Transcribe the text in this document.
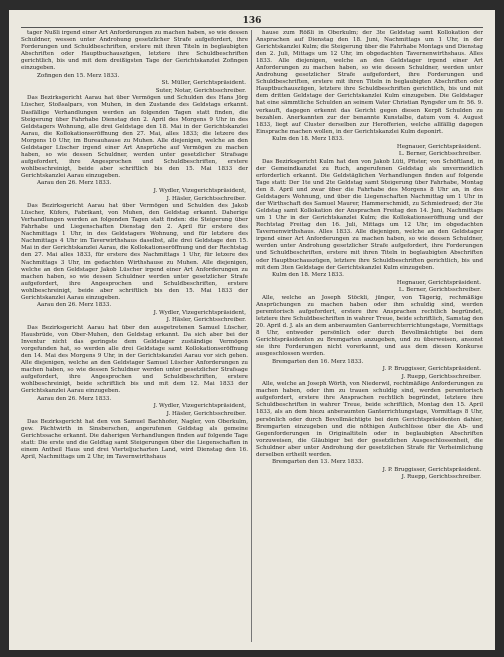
136
tager Nußli irgend einer Art Anforderungen zu machen haben, so wie dessen Schuldner, wessen unter Androhung gesetzlicher Strafe aufgefordert, ihre Forderungen und Schuldbeschriften, erstere mit ihren Titeln in beglaubigten Abschriften oder Hauptbuchauszügen, letztere ihre Schuldbeschriften gerichtlich, bis und mit dem dreißigsten Tage der Gerichtskanzlei Zofingen einzugeben.
Zofingen den 15. Merz 1833.
St. Müller, Gerichtspräsident.
Suter, Notar, Gerichtsschreiber.
Das Bezirksgericht Aarau hat über Vermögen und Schulden des Hans Jörg Lüscher, Stoßsalpars, von Muhen, in den Zustande des Geldstags erkannt. Dasfällige Verhandlungen werden an folgenden Tagen statt finden, die Steigerung über Fahrhabe Dienstag den 2. April des Morgens 9 Uhr in des Geldstagers Wohnung, alle drei Geldstage den 18. Mai in der Gerichtskanzlei Aarau, die Kollokationseröffnung den 27. Mai, alles 1833; die letzere des Morgens 10 Uhr, im Bureauhause zu Muhen. Alle diejenigen, welche an den Geldstager Lüscher irgend einer Art Ansprüche auf Vermögen zu machen haben, so wie dessen Schuldner, werden unter gesetzlicher Strafsage aufgefordert, ihre Angesprochen und Schuldbeschriften, erstere wohlbeschreinigt, beide aber schriftlich bis den 15. Mai 1833 der Gerichtskanzlei Aarau einzugeben.
Aarau den 26. Merz 1833.
J. Wydler, Vizegerichtspräsident,
J. Häsler, Gerichtsschreiber.
Das Bezirksgericht Aarau hat über Vermögen und Schulden des Jakob Lüscher, Küfers, Fabrikant, von Muhen, den Geldstag erkannt. Daherige Verhandlungen werden an folgenden Tagen statt finden: die Steigerung über Fahrhabe und Liegenschaften Dienstag den 2. April für erstere des Nachmittags 1 Uhr, in des Geldstagers Wohnung, und für letztere des Nachmittags 4 Uhr im Taverwirthshaus daselbst, alle drei Geldstage den 15. Mai in der Gerichtskanzlei Aarau, die Kollokationseröffnung und der Rechtstag den 27. Mai alles 1833, für erstere des Nachmittags 1 Uhr, für letzere des Nachmittags 3 Uhr, im gedachten Wirthshause zu Muhen. Alle diejenigen, welche an den Geldstager Jakob Lüscher irgend einer Art Anforderungen zu machen haben, so wie dessen Schuldner werden unter gesetzlicher Strafe aufgefordert, ihre Angesprochen und Schuldbeschriften, erstere wohlbeschreinigt, beide aber schriftlich bis den 15. Mai 1833 der Gerichtskanzlei Aarau einzugeben.
Aarau den 26. Merz 1833.
J. Wydler, Vizegerichtspräsident,
J. Häsler, Gerichtsschreiber.
Das Bezirksgericht Aarau hat über den ausgetretenen Samuel Lüscher, Hausbrüde, von Ober-Muhen, den Geldstag erkannt. Da sich aber bei der Inventur nicht das geringste dem Geldstager zuständige Vermögen vorgefunden hat, so werden alle drei Geldstage samt Kollokationseröffnung den 14. Mai des Morgens 9 Uhr, in der Gerichtskanzlei Aarau vor sich gehen. Alle diejenigen, welche an den Geldstager Samuel Lüscher Anforderungen zu machen haben, so wie dessen Schuldner werden unter gesetzlicher Strafsage aufgefordert, ihre Angesprochen und Schuldbeschriften, erstere wohlbeschreinigt, beide schriftlich bis und mit dem 12. Mai 1833 der Gerichtskanzlei Aarau einzugeben.
Aarau den 26. Merz 1833.
J. Wydler, Vizegerichtspräsident,
J. Häsler, Gerichtsschreiber.
Das Bezirksgericht hat den von Samuel Bachhofer, Nagler, von Oberkulm, gew. Pächtwirth in Sinsberschen, angerufenen Geldstag als gemeine Gerichtssache erkannt. Die daherigen Verhandlungen finden auf folgende Tage statt: Die erste und die Geldtag samt Steigerungen über die Liegenschaften in einem Antheil Haus und drei Vierteljucharten Land, wird Dienstag den 16. April, Nachmittags um 2 Uhr, im Tavernwirthshaus
hause zum Rößli in Oberkulm; der 3te Geldstag samt Kollokation der Ansprachen auf Dienstag den 18. Juni, Nachmittags um 1 Uhr, in der Gerichtskanzlei Kulm; die Steigerung über die Fahrhabe Montags und Dienstag den 2. Juli, Mittags um 12 Uhr, im obgedachten Tavernenwirthshaus. Alles 1833. Alle diejenigen, welche an den Geldstager irgend einer Art Anforderungen zu machen haben, so wie dessen Schuldner, werden unter Androhung gesetzlicher Strafe aufgefordert, ihre Forderungen und Schuldbeschriften, erstere mit ihren Titeln in beglaubigten Abschriften oder Hauptbuchauszügen, letztere ihre Schuldbeschriften gerichtlich, bis und mit dem dritten Geldstage der Gerichtskanzlei Kulm einzugeben. Die Geldstager hat eine sämmtliche Schulden an seinem Vater Christian Ryngsfer um fr. 56. 9. verkauft, dagegen erkennt das Gericht gegen diesen Kerpfi Schulden zu bezahlen. Anerkannten zur der benannte Kunstalbe, datum vom 4. August 1833, liegt auf Cluster derselben zur Herofferien, welche allfällig dagegen Einsprache machen wollen, in der Gerichtskanzlei Kulm deponirt.
Kulm den 18. Merz 1833.
Hegnauer, Gerichtspräsident.
L. Berner, Gerichtsschreiber.
Das Bezirksgericht Kulm hat den von Jakob Lüti, Pfister, von Schöftland, in der Gemeindkanzlei zu Ruch, angerufenen Geldstag als unvermeidlich erforderlich erkannt. Die Geldstäglichen Verhandlungen finden auf folgende Tage statt: Der 1te und 2te Geldstag samt Steigerung über Fahrhabe, Montag den 8. April und zwar über die Fahrhabe des Morgens 8 Uhr an, in des Geldstagers Wohnung, und über die Liegenschaften Nachmittag um 1 Uhr in der Wirthschaft des Samuel Maurer, Hammerschmidt, zu Schmiedrued; der 3te Geldstag samt Kollokation der Ansprachen Freitag den 14. Juni, Nachmittags um 1 Uhr in der Gerichtskanzlei Kulm; die Kollokationseröffnung und der Rechtstag Freitag den 16. Juli, Mittags um 12 Uhr, im obgedachten Tavernenwirthshaus. Alles 1833. Alle diejenigen, welche an den Geldstager irgend einer Art Anforderungen zu machen haben, so wie dessen Schuldner, werden unter Androhung gesetzlicher Strafe aufgefordert, ihre Forderungen und Schuldbeschriften, erstere mit ihren Titeln in beglaubigten Abschriften oder Hauptbuchauszügen, letztere ihre Schuldbeschriften gerichtlich, bis und mit dem 3ten Geldstage der Gerichtskanzlei Kulm einzugeben.
Kulm den 18. Merz 1833.
Hegnauer, Gerichtspräsident.
L. Berner, Gerichtsschreiber.
Alle, welche an Joseph Stöckli, jünger, von Tägerig, rechmäßige Ansprüchungen zu machen haben oder ihm schuldig sind, werden peremtorisch aufgefordert, erstere ihre Ansprachen rechtlich begründet, letztere ihre Schuldbeschriften in wahrer Treue, beide schriftlich, Samstag den 20. April d. J. als an dem anberaumten Ganterrechterrichtungstage, Vormittags 8 Uhr, entweder persönlich oder durch Bevollmächtigte bei dem Gerichtspräsidenten zu Bremgarten anzugeben, und zu überweisen, ansonst sie ihre Forderungen nicht vorerkannt, und aus dem diesen Konkurse ausgeschlossen werden.
Bremgarten den 16. Merz 1833.
J. P. Bruggisser, Gerichtspräsident.
J. Ruepp, Gerichtsschreiber.
Alle, welche an Joseph Wörth, von Niederwil, rechtmäßige Anforderungen zu machen haben, oder ihm zu trauen schuldig sind, werden peremtorisch aufgefordert, erstere ihre Ansprachen rechtlich begründet, letztere ihre Schuldbeschriften in wahrer Treue, beide schriftlich, Montag den 15. April 1833, als an dem hiezu anberaumten Ganterrichtungstage, Vormittags 8 Uhr, persönlich oder durch Bevollmächtigte bei dem Gerichtspräsidenten dahier, Bremgarten einzugeben und die nöthigen Aufschlüsse über die Ab- und Gegenforderungen in Originaltiteln oder in beglaubigten Abschriften vorzuweisen, die Gläubiger bei der gesetzlichen Ausgeschlossenheit, die Schuldner aber unter Androhung der gesetzlichen Strafe für Verheimlichung derselben ertheilt werden.
Bremgarten den 13. Merz 1833.
J. P. Bruggisser, Gerichtspräsident.
J. Ruepp, Gerichtsschreiber.
